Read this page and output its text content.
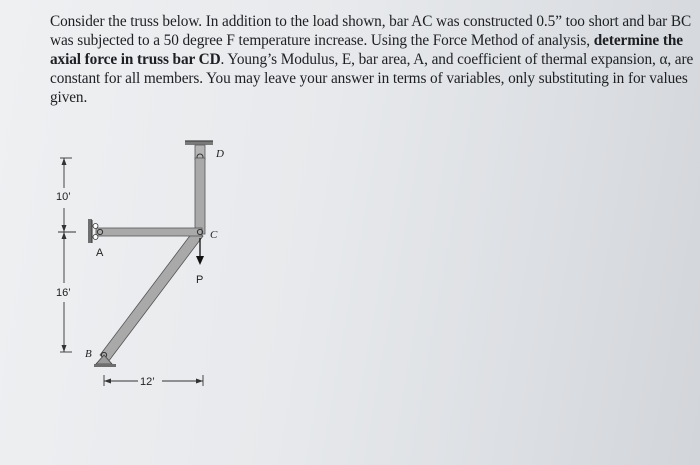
Consider the truss below. In addition to the load shown, bar AC was constructed 0.5” too short and bar BC was subjected to a 50 degree F temperature increase. Using the Force Method of analysis, determine the axial force in truss bar CD. Young’s Modulus, E, bar area, A, and coefficient of thermal expansion, α, are constant for all members. You may leave your answer in terms of variables, only substituting in for values given.

D
C
A
B
P
10’
16’
12’
